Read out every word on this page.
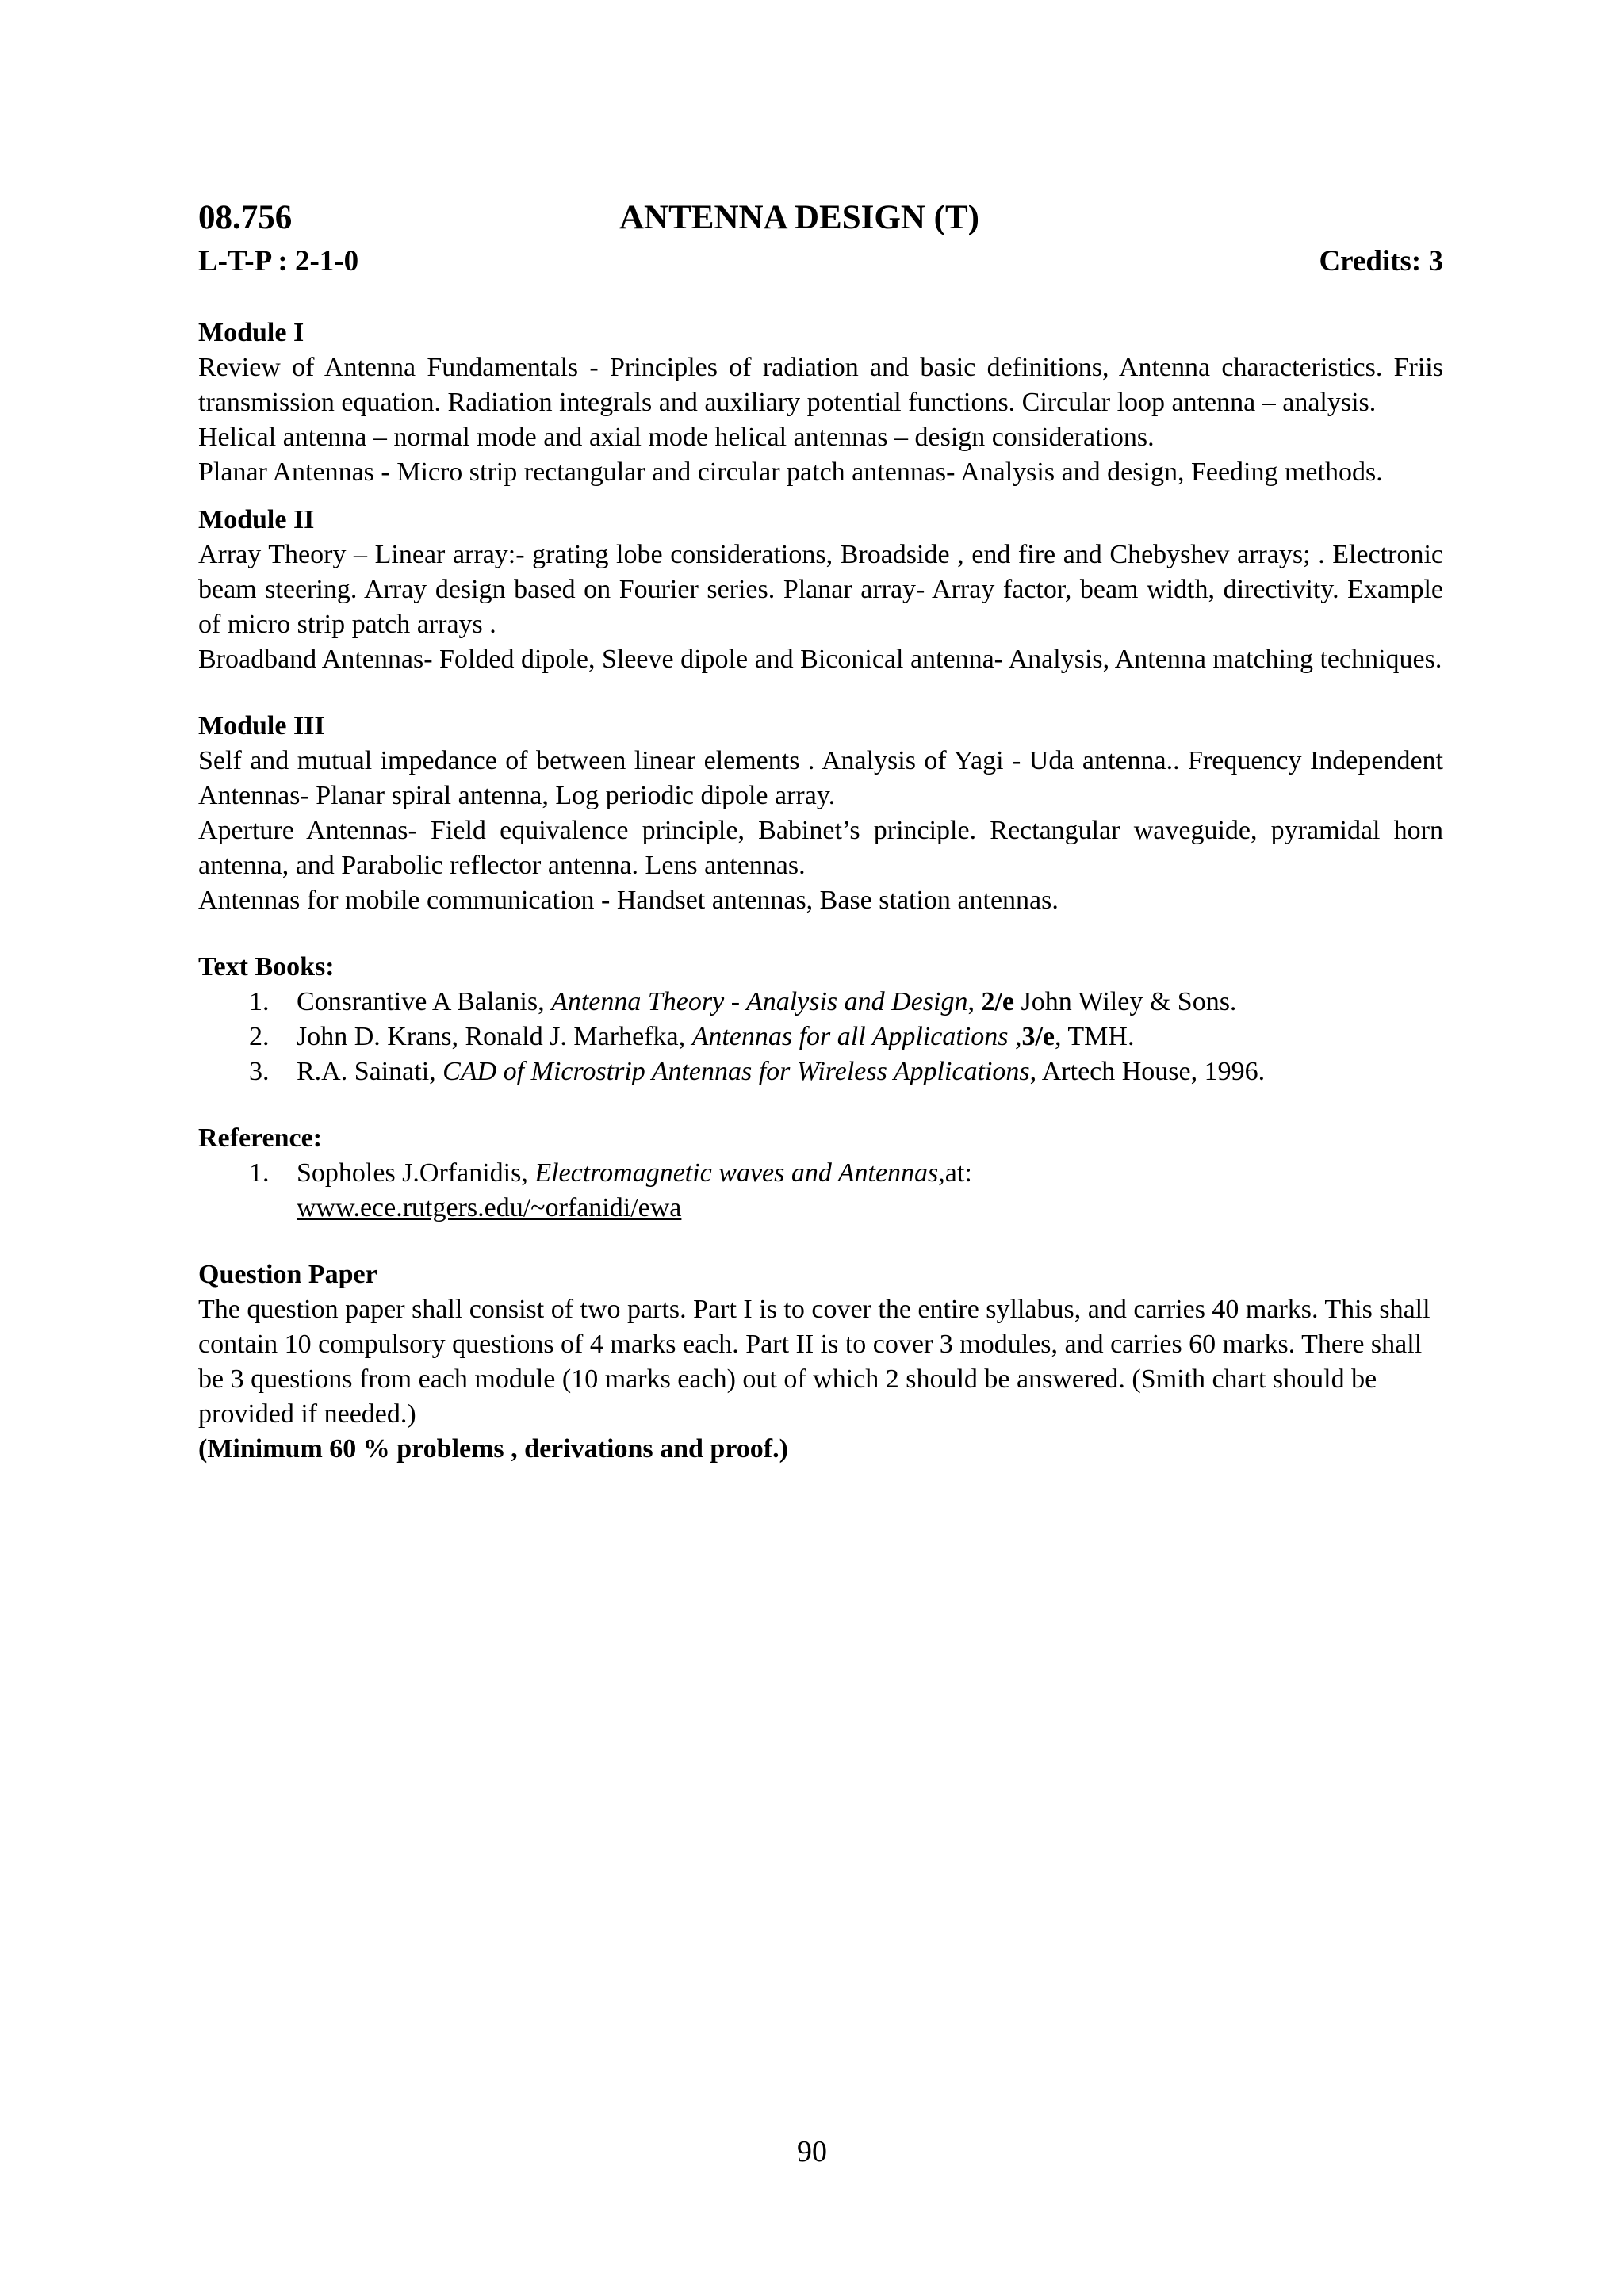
08.756	ANTENNA DESIGN (T)
L-T-P : 2-1-0	Credits: 3
Module I
Review of Antenna Fundamentals - Principles of radiation and basic definitions, Antenna characteristics. Friis transmission equation. Radiation integrals and auxiliary potential functions. Circular loop antenna – analysis.
Helical antenna – normal mode and axial mode helical antennas – design considerations.
Planar Antennas - Micro strip rectangular and circular patch antennas- Analysis and design, Feeding methods.
Module II
Array Theory – Linear array:- grating lobe considerations, Broadside , end fire and Chebyshev arrays; . Electronic beam steering. Array design based on Fourier series. Planar array- Array factor, beam width, directivity. Example of micro strip patch arrays .
Broadband Antennas- Folded dipole, Sleeve dipole and Biconical antenna- Analysis, Antenna matching techniques.
Module III
Self and mutual impedance of between linear elements . Analysis of Yagi - Uda antenna.. Frequency Independent Antennas- Planar spiral antenna, Log periodic dipole array.
Aperture Antennas- Field equivalence principle, Babinet’s principle. Rectangular waveguide, pyramidal horn antenna, and Parabolic reflector antenna. Lens antennas.
Antennas for mobile communication - Handset antennas, Base station antennas.
Text Books:
1. Consrantive A Balanis, Antenna Theory - Analysis and Design, 2/e John Wiley & Sons.
2. John D. Krans, Ronald J. Marhefka, Antennas for all Applications ,3/e, TMH.
3. R.A. Sainati, CAD of Microstrip Antennas for Wireless Applications, Artech House, 1996.
Reference:
1. Sopholes J.Orfanidis, Electromagnetic waves and Antennas,at:
www.ece.rutgers.edu/~orfanidi/ewa
Question Paper
The question paper shall consist of two parts. Part I is to cover the entire syllabus, and carries 40 marks. This shall contain 10 compulsory questions of 4 marks each. Part II is to cover 3 modules, and carries 60 marks. There shall be 3 questions from each module (10 marks each) out of which 2 should be answered. (Smith chart should be provided if needed.)
(Minimum 60 % problems , derivations and proof.)
90
